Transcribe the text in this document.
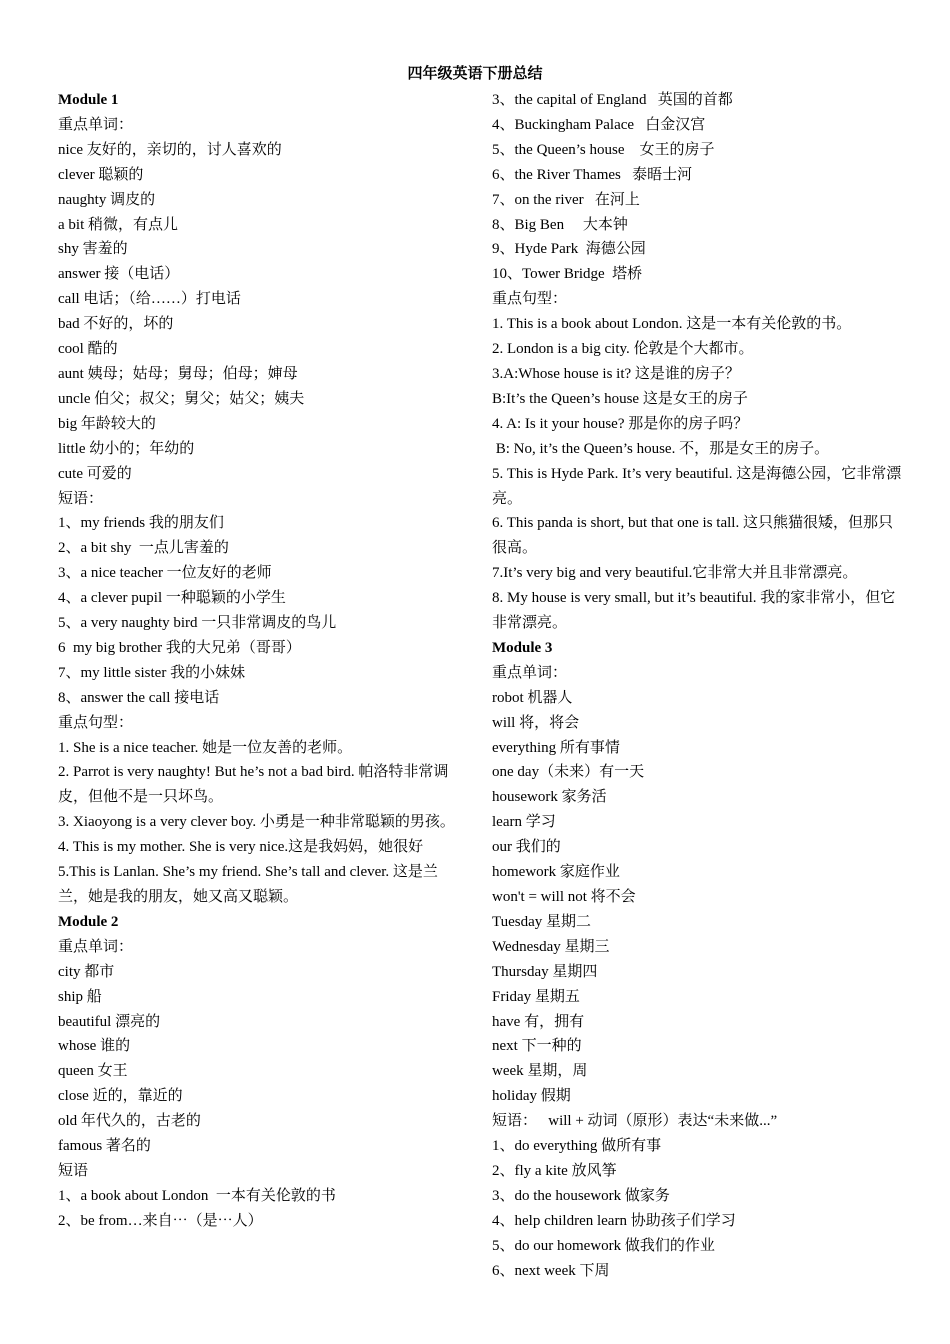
四年级英语下册总结
Module 1
重点单词：
nice 友好的，亲切的，讨人喜欢的
clever 聪颖的
naughty 调皮的
a bit 稍微，有点儿
shy 害羞的
answer 接（电话）
call 电话；（给……）打电话
bad 不好的，坏的
cool 酷的
aunt 姨母；姑母；舅母；伯母；婶母
uncle 伯父；叔父；舅父；姑父；姨夫
big 年龄较大的
little 幼小的；年幼的
cute 可爱的
短语：
1、my friends 我的朋友们
2、a bit shy  一点儿害羞的
3、a nice teacher 一位友好的老师
4、a clever pupil 一种聪颖的小学生
5、a very naughty bird 一只非常调皮的鸟儿
6  my big brother 我的大兄弟（哥哥）
7、my little sister 我的小妹妹
8、answer the call 接电话
重点句型：
1. She is a nice teacher. 她是一位友善的老师。
2. Parrot is very naughty! But he’s not a bad bird. 帕洛特非常调皮，但他不是一只坏鸟。
3. Xiaoyong is a very clever boy. 小勇是一种非常聪颖的男孩。
4. This is my mother. She is very nice.这是我妈妈，她很好
5.This is Lanlan. She’s my friend. She’s tall and clever. 这是兰兰，她是我的朋友，她又高又聪颖。
Module 2
重点单词：
city 都市
ship 船
beautiful 漂亮的
whose 谁的
queen 女王
close 近的，靠近的
old 年代久的，古老的
famous 著名的
短语
1、a book about London  一本有关伦敦的书
2、be from…来自⋯（是⋯人）
3、the capital of England   英国的首都
4、Buckingham Palace   白金汉宫
5、the Queen’s house    女王的房子
6、the River Thames   泰晤士河
7、on the river   在河上
8、Big Ben     大本钟
9、Hyde Park  海德公园
10、Tower Bridge  塔桥
重点句型：
1. This is a book about London. 这是一本有关伦敦的书。
2. London is a big city. 伦敦是个大都市。
3.A:Whose house is it? 这是谁的房子？
B:It’s the Queen’s house 这是女王的房子
4. A: Is it your house? 那是你的房子吗？
B: No, it’s the Queen’s house. 不，那是女王的房子。
5. This is Hyde Park. It’s very beautiful. 这是海德公园，它非常漂亮。
6. This panda is short, but that one is tall. 这只熊猫很矮，但那只很高。
7.It’s very big and very beautiful.它非常大并且非常漂亮。
8. My house is very small, but it’s beautiful. 我的家非常小，但它非常漂亮。
Module 3
重点单词：
robot 机器人
will 将，将会
everything 所有事情
one day（未来）有一天
housework 家务活
learn 学习
our 我们的
homework 家庭作业
won't = will not 将不会
Tuesday 星期二
Wednesday 星期三
Thursday 星期四
Friday 星期五
have 有，拥有
next 下一种的
week 星期，周
holiday 假期
短语：   will + 动词（原形）表达“未来做...”
1、do everything 做所有事
2、fly a kite 放风筝
3、do the housework 做家务
4、help children learn 协助孩子们学习
5、do our homework 做我们的作业
6、next week 下周
